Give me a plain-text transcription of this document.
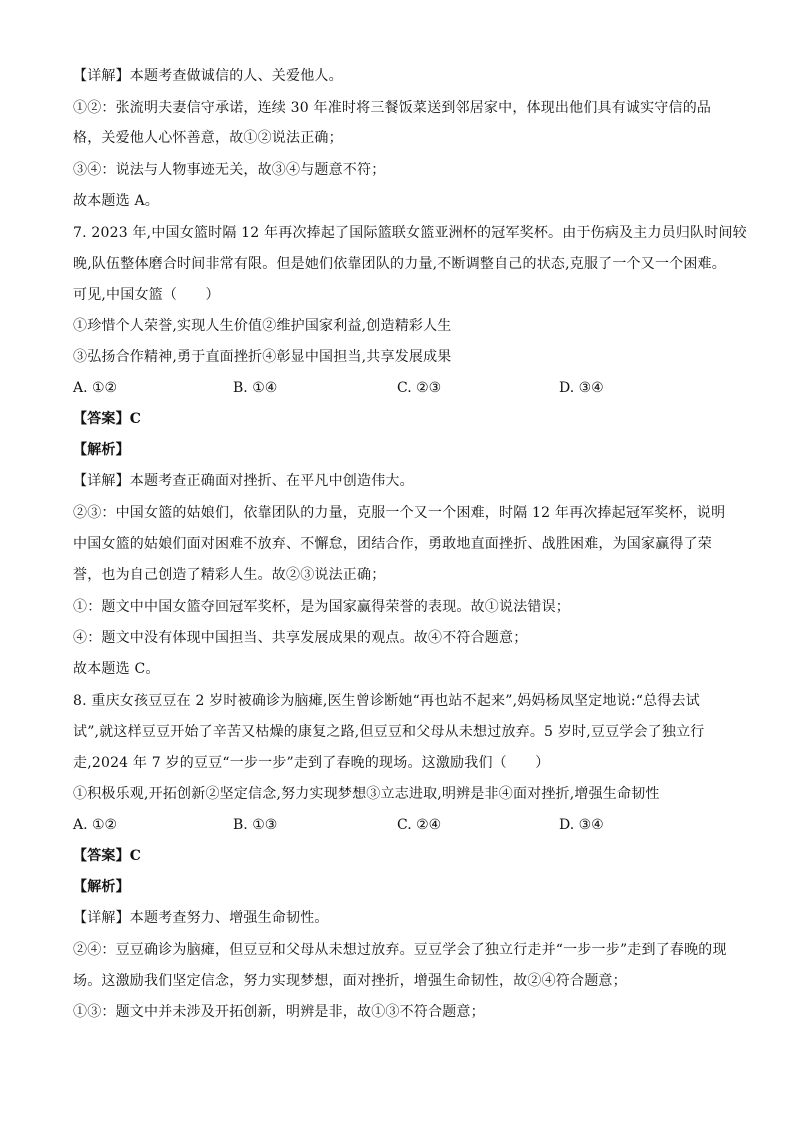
【详解】本题考查做诚信的人、关爱他人。
①②：张流明夫妻信守承诺，连续 30 年准时将三餐饭菜送到邻居家中，体现出他们具有诚实守信的品
格，关爱他人心怀善意，故①②说法正确；
③④：说法与人物事迹无关，故③④与题意不符；
故本题选 A。
7. 2023 年,中国女篮时隔 12 年再次捧起了国际篮联女篮亚洲杯的冠军奖杯。由于伤病及主力员归队时间较
晚,队伍整体磨合时间非常有限。但是她们依靠团队的力量,不断调整自己的状态,克服了一个又一个困难。
可见,中国女篮（　　）
①珍惜个人荣誉,实现人生价值②维护国家利益,创造精彩人生
③弘扬合作精神,勇于直面挫折④彰显中国担当,共享发展成果
A. ①②	B. ①④	C. ②③	D. ③④
【答案】C
【解析】
【详解】本题考查正确面对挫折、在平凡中创造伟大。
②③：中国女篮的姑娘们，依靠团队的力量，克服一个又一个困难，时隔 12 年再次捧起冠军奖杯，说明
中国女篮的姑娘们面对困难不放弃、不懈怠，团结合作，勇敢地直面挫折、战胜困难，为国家赢得了荣
誉，也为自己创造了精彩人生。故②③说法正确；
①：题文中中国女篮夺回冠军奖杯，是为国家赢得荣誉的表现。故①说法错误；
④：题文中没有体现中国担当、共享发展成果的观点。故④不符合题意；
故本题选 C。
8. 重庆女孩豆豆在 2 岁时被确诊为脑瘫,医生曾诊断她“再也站不起来”,妈妈杨凤坚定地说:“总得去试
试”,就这样豆豆开始了辛苦又枯燥的康复之路,但豆豆和父母从未想过放弃。5 岁时,豆豆学会了独立行
走,2024 年 7 岁的豆豆“一步一步”走到了春晚的现场。这激励我们（　　）
①积极乐观,开拓创新②坚定信念,努力实现梦想③立志进取,明辨是非④面对挫折,增强生命韧性
A. ①②	B. ①③	C. ②④	D. ③④
【答案】C
【解析】
【详解】本题考查努力、增强生命韧性。
②④：豆豆确诊为脑瘫，但豆豆和父母从未想过放弃。豆豆学会了独立行走并“一步一步”走到了春晚的现
场。这激励我们坚定信念，努力实现梦想，面对挫折，增强生命韧性，故②④符合题意；
①③：题文中并未涉及开拓创新，明辨是非，故①③不符合题意；
